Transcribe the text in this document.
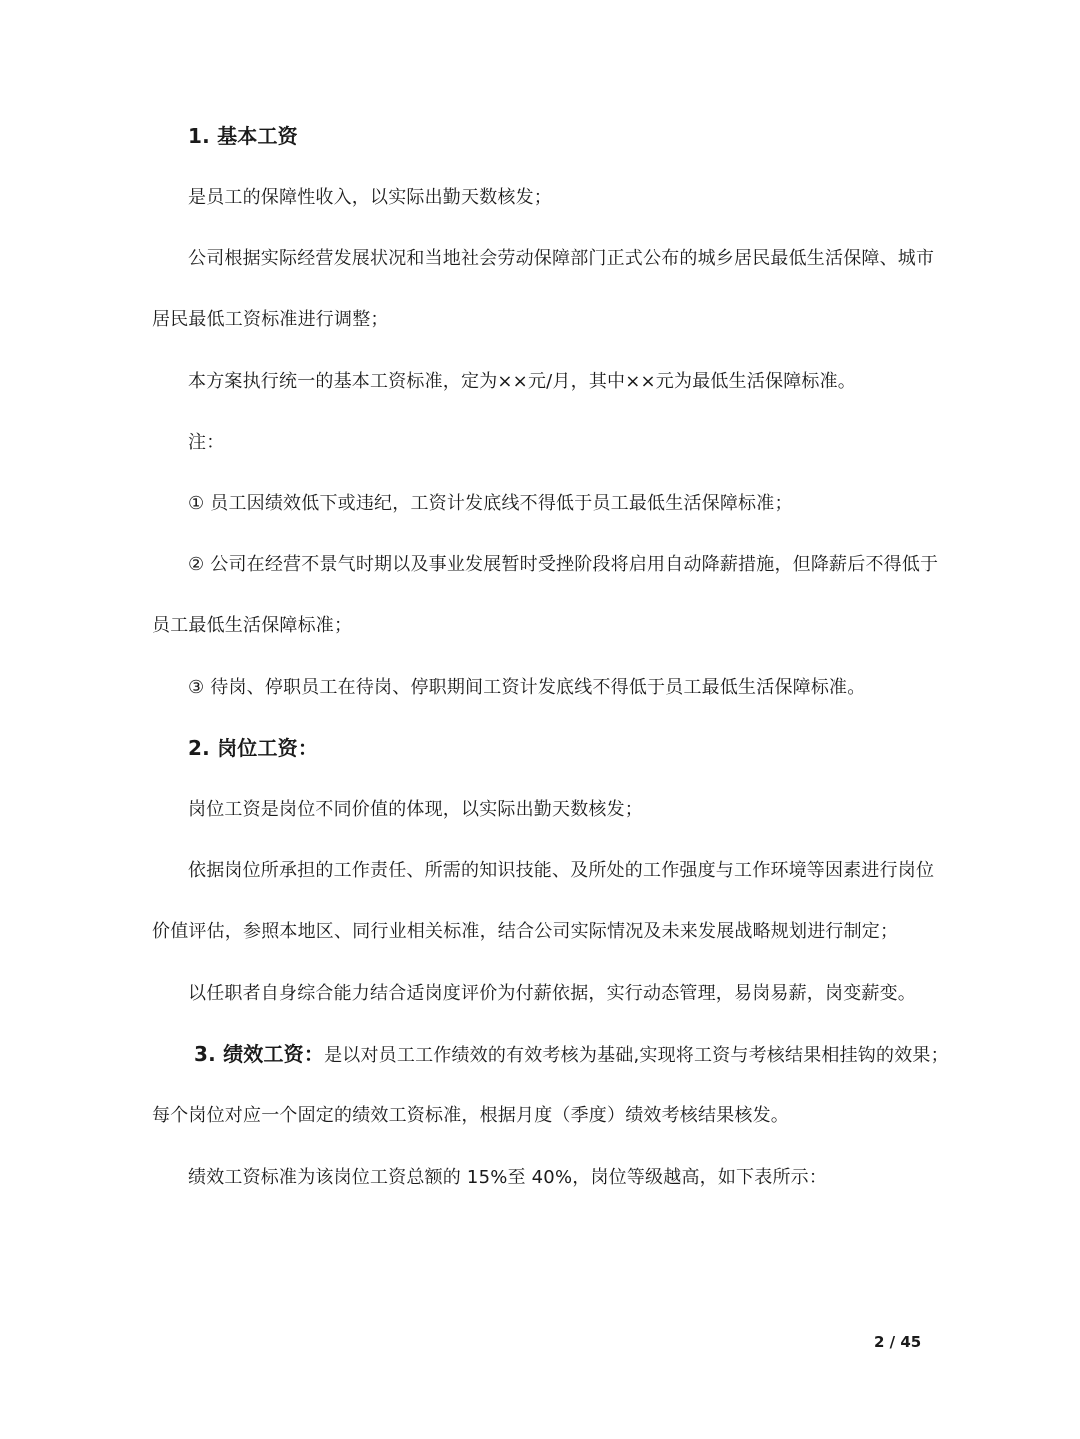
1. 基本工资
是员工的保障性收入，以实际出勤天数核发；
公司根据实际经营发展状况和当地社会劳动保障部门正式公布的城乡居民最低生活保障、城市
居民最低工资标准进行调整；
本方案执行统一的基本工资标准，定为××元/月，其中××元为最低生活保障标准。
注：
① 员工因绩效低下或违纪，工资计发底线不得低于员工最低生活保障标准；
② 公司在经营不景气时期以及事业发展暂时受挫阶段将启用自动降薪措施，但降薪后不得低于
员工最低生活保障标准；
③ 待岗、停职员工在待岗、停职期间工资计发底线不得低于员工最低生活保障标准。
2. 岗位工资：
岗位工资是岗位不同价值的体现，以实际出勤天数核发；
依据岗位所承担的工作责任、所需的知识技能、及所处的工作强度与工作环境等因素进行岗位
价值评估，参照本地区、同行业相关标准，结合公司实际情况及未来发展战略规划进行制定；
以任职者自身综合能力结合适岗度评价为付薪依据，实行动态管理，易岗易薪，岗变薪变。
3. 绩效工资：是以对员工工作绩效的有效考核为基础,实现将工资与考核结果相挂钩的效果；
每个岗位对应一个固定的绩效工资标准，根据月度（季度）绩效考核结果核发。
绩效工资标准为该岗位工资总额的 15%至 40%，岗位等级越高，如下表所示：
2 / 45
